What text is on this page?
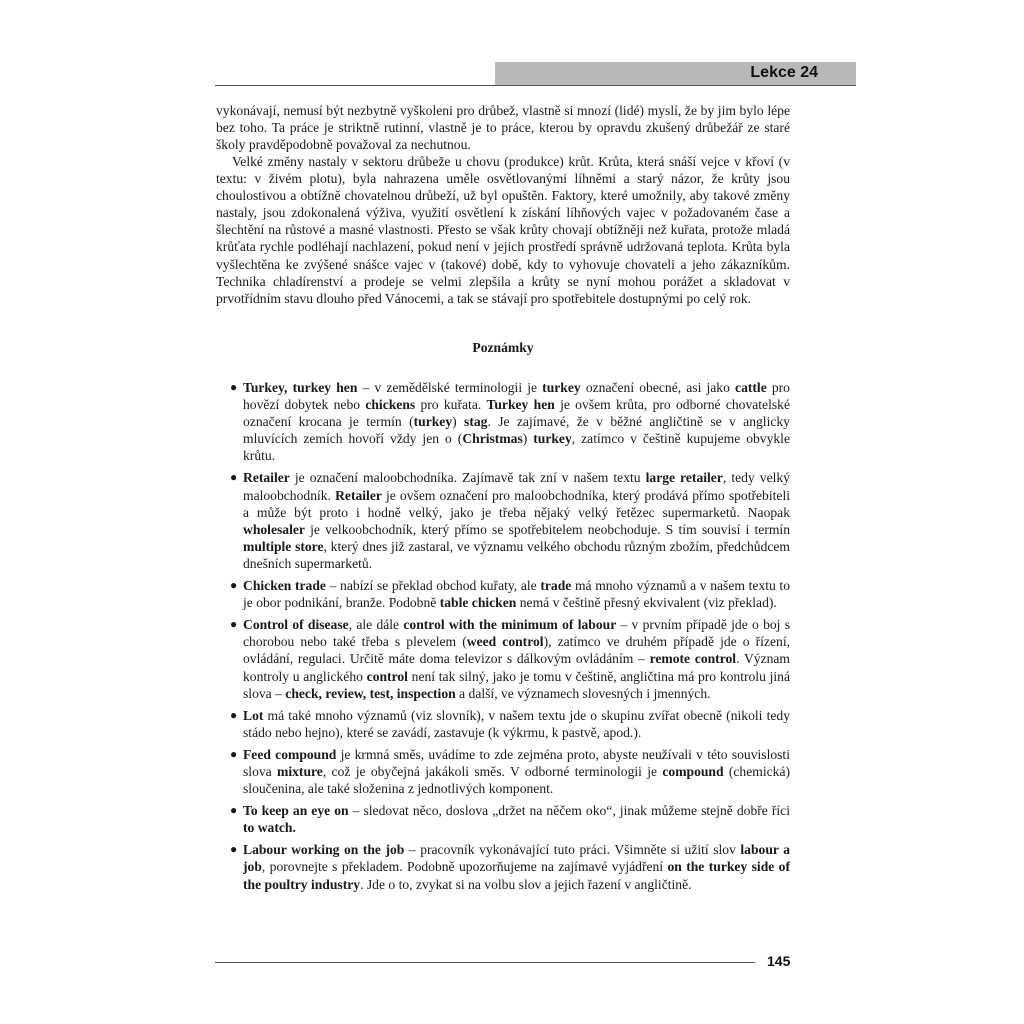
Lekce 24

vykonávají, nemusí být nezbytně vyškoleni pro drůbež, vlastně si mnozí (lidé) myslí, že by jim bylo lépe bez toho. Ta práce je striktně rutinní, vlastně je to práce, kterou by opravdu zkušený drůbežář ze staré školy pravděpodobně považoval za nechutnou.

Velké změny nastaly v sektoru drůbeže u chovu (produkce) krůt. Krůta, která snáší vejce v křoví (v textu: v živém plotu), byla nahrazena uměle osvětlovanými líhněmi a starý názor, že krůty jsou choulostivou a obtížně chovatelnou drůbeží, už byl opuštěn. Faktory, které umožnily, aby takové změny nastaly, jsou zdokonalená výživa, využití osvětlení k získání líhňových vajec v požadovaném čase a šlechtění na růstové a masné vlastnosti. Přesto se však krůty chovají obtížněji než kuřata, protože mladá krůťata rychle podléhají nachlazení, pokud není v jejich prostředí správně udržovaná teplota. Krůta byla vyšlechtěna ke zvýšené snášce vajec v (takové) době, kdy to vyhovuje chovateli a jeho zákazníkům. Technika chladírenství a prodeje se velmi zlepšila a krůty se nyní mohou porážet a skladovat v prvotřídním stavu dlouho před Vánocemi, a tak se stávají pro spotřebitele dostupnými po celý rok.

Poznámky
● Turkey, turkey hen – v zemědělské terminologii je turkey označení obecné, asi jako cattle pro hovězí dobytek nebo chickens pro kuřata. Turkey hen je ovšem krůta, pro odborné chovatelské označení krocana je termín (turkey) stag. Je zajímavé, že v běžné angličtině se v anglicky mluvících zemích hovoří vždy jen o (Christmas) turkey, zatímco v češtině kupujeme obvykle krůtu.
● Retailer je označení maloobchodníka. Zajímavě tak zní v našem textu large retailer, tedy velký maloobchodník. Retailer je ovšem označení pro maloobchodníka, který prodává přímo spotřebiteli a může být proto i hodně velký, jako je třeba nějaký velký řetězec supermarketů. Naopak wholesaler je velkoobchodník, který přímo se spotřebitelem neobchoduje. S tím souvisí i termín multiple store, který dnes již zastaral, ve významu velkého obchodu různým zbožím, předchůdcem dnešních supermarketů.
● Chicken trade – nabízí se překlad obchod kuřaty, ale trade má mnoho významů a v našem textu to je obor podnikání, branže. Podobně table chicken nemá v češtině přesný ekvivalent (viz překlad).
● Control of disease, ale dále control with the minimum of labour – v prvním případě jde o boj s chorobou nebo také třeba s plevelem (weed control), zatímco ve druhém případě jde o řízení, ovládání, regulaci. Určitě máte doma televizor s dálkovým ovládáním – remote control. Význam kontroly u anglického control není tak silný, jako je tomu v češtině, angličtina má pro kontrolu jiná slova – check, review, test, inspection a další, ve významech slovesných i jmenných.
● Lot má také mnoho významů (viz slovník), v našem textu jde o skupinu zvířat obecně (nikoli tedy stádo nebo hejno), které se zavádí, zastavuje (k výkrmu, k pastvě, apod.).
● Feed compound je krmná směs, uvádíme to zde zejména proto, abyste neužívali v této souvislosti slova mixture, což je obyčejná jakákoli směs. V odborné terminologii je compound (chemická) sloučenina, ale také složenina z jednotlivých komponent.
● To keep an eye on – sledovat něco, doslova „držet na něčem oko“, jinak můžeme stejně dobře říci to watch.
● Labour working on the job – pracovník vykonávající tuto práci. Všimněte si užití slov labour a job, porovnejte s překladem. Podobně upozorňujeme na zajímavé vyjádření on the turkey side of the poultry industry. Jde o to, zvykat si na volbu slov a jejich řazení v angličtině.
145
